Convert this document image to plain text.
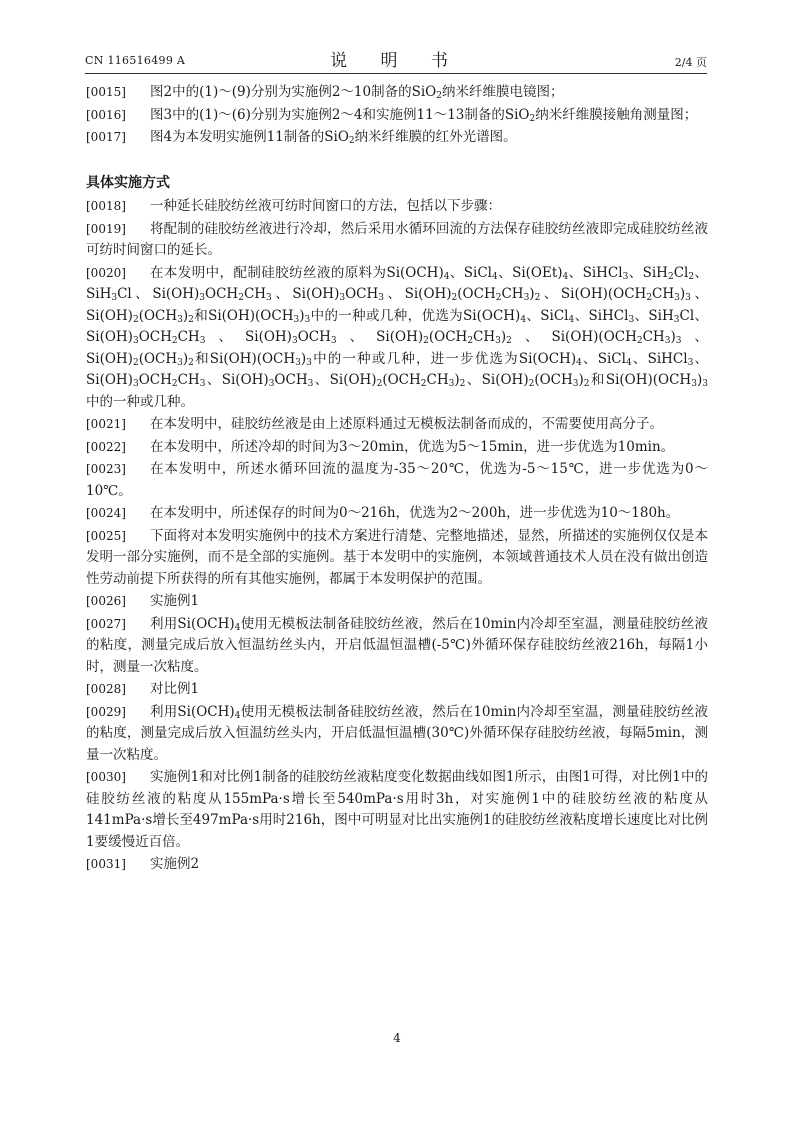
CN 116516499 A	说 明 书	2/4 页
[0015] 图2中的(1)～(9)分别为实施例2～10制备的SiO$_2$纳米纤维膜电镜图；
[0016] 图3中的(1)～(6)分别为实施例2～4和实施例11～13制备的SiO$_2$纳米纤维膜接触角测量图；
[0017] 图4为本发明实施例11制备的SiO$_2$纳米纤维膜的红外光谱图。
具体实施方式
[0018] 一种延长硅胶纺丝液可纺时间窗口的方法，包括以下步骤：
[0019] 将配制的硅胶纺丝液进行冷却，然后采用水循环回流的方法保存硅胶纺丝液即完成硅胶纺丝液可纺时间窗口的延长。
[0020] 在本发明中，配制硅胶纺丝液的原料为$Si(OCH)_4$、SiCl$_4$、$Si(OEt)_4$、SiHCl$_3$、$SiH_2Cl_2$、SiH$_3$Cl、$Si(OH)_3OCH_2CH_3$、$Si(OH)_3OCH_3$、$Si(OH)_2(OCH_2CH_3)_2$、$Si(OH)(OCH_2CH_3)_3$、$Si(OH)_2(OCH_3)_2$和$Si(OH)(OCH_3)_3$中的一种或几种，优选为$Si(OCH)_4$、SiCl$_4$、SiHCl$_3$、SiH$_3$Cl、$Si(OH)_3OCH_2CH_3$、$Si(OH)_3OCH_3$、$Si(OH)_2(OCH_2CH_3)_2$、$Si(OH)(OCH_2CH_3)_3$、$Si(OH)_2(OCH_3)_2$和$Si(OH)(OCH_3)_3$中的一种或几种，进一步优选为$Si(OCH)_4$、SiCl$_4$、SiHCl$_3$、$Si(OH)_3OCH_2CH_3$、$Si(OH)_3OCH_3$、$Si(OH)_2(OCH_2CH_3)_2$、$Si(OH)_2(OCH_3)_2$和$Si(OH)(OCH_3)_3$中的一种或几种。
[0021] 在本发明中，硅胶纺丝液是由上述原料通过无模板法制备而成的，不需要使用高分子。
[0022] 在本发明中，所述冷却的时间为3～20min，优选为5～15min，进一步优选为10min。
[0023] 在本发明中，所述水循环回流的温度为-35～20℃，优选为-5～15℃，进一步优选为0～10℃。
[0024] 在本发明中，所述保存的时间为0～216h，优选为2～200h，进一步优选为10～180h。
[0025] 下面将对本发明实施例中的技术方案进行清楚、完整地描述，显然，所描述的实施例仅仅是本发明一部分实施例，而不是全部的实施例。基于本发明中的实施例，本领域普通技术人员在没有做出创造性劳动前提下所获得的所有其他实施例，都属于本发明保护的范围。
[0026] 实施例1
[0027] 利用$Si(OCH)_4$使用无模板法制备硅胶纺丝液，然后在10min内冷却至室温，测量硅胶纺丝液的粘度，测量完成后放入恒温纺丝头内，开启低温恒温槽(-5℃)外循环保存硅胶纺丝液216h，每隔1小时，测量一次粘度。
[0028] 对比例1
[0029] 利用$Si(OCH)_4$使用无模板法制备硅胶纺丝液，然后在10min内冷却至室温，测量硅胶纺丝液的粘度，测量完成后放入恒温纺丝头内，开启低温恒温槽(30℃)外循环保存硅胶纺丝液，每隔5min，测量一次粘度。
[0030] 实施例1和对比例1制备的硅胶纺丝液粘度变化数据曲线如图1所示，由图1可得，对比例1中的硅胶纺丝液的粘度从155mPa·s增长至540mPa·s用时3h，对实施例1中的硅胶纺丝液的粘度从141mPa·s增长至497mPa·s用时216h，图中可明显对比出实施例1的硅胶纺丝液粘度增长速度比对比例1要缓慢近百倍。
[0031] 实施例2
4
